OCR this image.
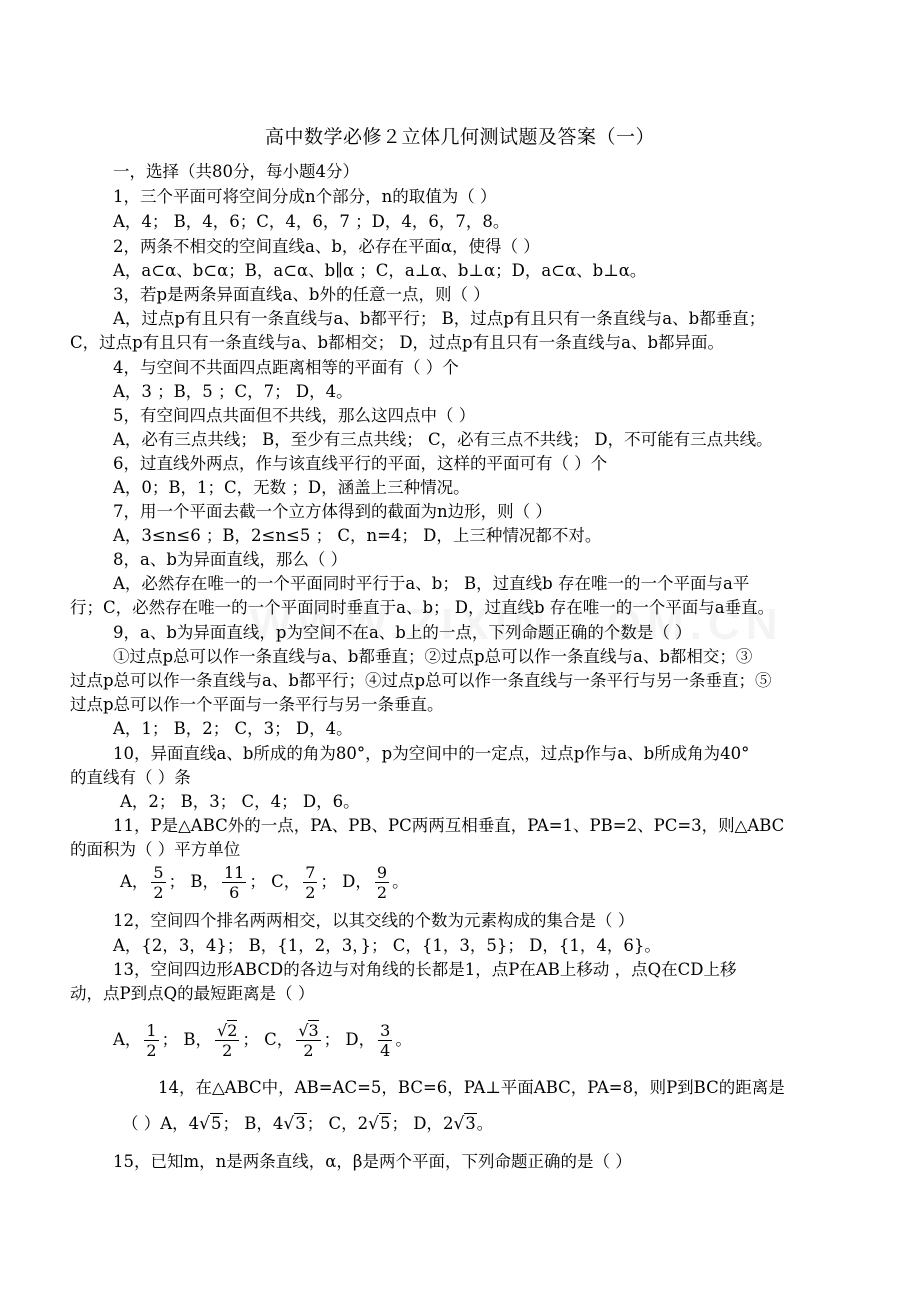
高中数学必修２立体几何测试题及答案（一）
一，选择（共80分，每小题4分）
1，三个平面可将空间分成n个部分，n的取值为（ ）
A，4； B，4，6；C，4，6，7 ；D，4，6，7，8。
2，两条不相交的空间直线a、b，必存在平面α，使得（ ）
A，a⊂α、b⊂α；B，a⊂α、b∥α ；C，a⊥α、b⊥α；D，a⊂α、b⊥α。
3，若p是两条异面直线a、b外的任意一点，则（ ）
A，过点p有且只有一条直线与a、b都平行； B，过点p有且只有一条直线与a、b都垂直；
C，过点p有且只有一条直线与a、b都相交； D，过点p有且只有一条直线与a、b都异面。
4，与空间不共面四点距离相等的平面有（ ）个
A，3 ；B，5 ；C，7； D，4。
5，有空间四点共面但不共线，那么这四点中（ ）
A，必有三点共线； B，至少有三点共线； C，必有三点不共线； D，不可能有三点共线。
6，过直线外两点，作与该直线平行的平面，这样的平面可有（ ）个
A，0；B，1；C，无数 ；D，涵盖上三种情况。
7，用一个平面去截一个立方体得到的截面为n边形，则（ ）
A，3≤n≤6 ；B，2≤n≤5 ； C，n=4； D，上三种情况都不对。
8，a、b为异面直线，那么（ ）
A，必然存在唯一的一个平面同时平行于a、b； B，过直线b 存在唯一的一个平面与a平
行；C，必然存在唯一的一个平面同时垂直于a、b； D，过直线b 存在唯一的一个平面与a垂直。
9，a、b为异面直线，p为空间不在a、b上的一点，下列命题正确的个数是（ ）
①过点p总可以作一条直线与a、b都垂直；②过点p总可以作一条直线与a、b都相交；③
过点p总可以作一条直线与a、b都平行；④过点p总可以作一条直线与一条平行与另一条垂直；⑤
过点p总可以作一个平面与一条平行与另一条垂直。
A，1； B，2； C，3； D，4。
10，异面直线a、b所成的角为80°，p为空间中的一定点，过点p作与a、b所成角为40°
的直线有（ ）条
A，2； B，3； C，4； D，6。
11，P是△ABC外的一点，PA、PB、PC两两互相垂直，PA=1、PB=2、PC=3，则△ABC
的面积为（ ）平方单位
A， $\frac{5}{2}$ ； B， $\frac{11}{6}$ ； C， $\frac{7}{2}$ ； D， $\frac{9}{2}$ 。
12，空间四个排名两两相交，以其交线的个数为元素构成的集合是（ ）
A，{2，3，4}； B，{1，2，3，}； C，{1，3，5}； D，{1，4，6}。
13，空间四边形ABCD的各边与对角线的长都是1，点P在AB上移动 ，点Q在CD上移
动，点P到点Q的最短距离是（ ）
A， $\frac{1}{2}$ ； B， $\frac{√2}{2}$ ； C， $\frac{√3}{2}$ ； D， $\frac{3}{4}$ 。
14，在△ABC中，AB=AC=5，BC=6，PA⊥平面ABC，PA=8，则P到BC的距离是
（ ）A，4√5； B，4√3； C，2√5； D，2√3。
15，已知m，n是两条直线，α，β是两个平面，下列命题正确的是（ ）
